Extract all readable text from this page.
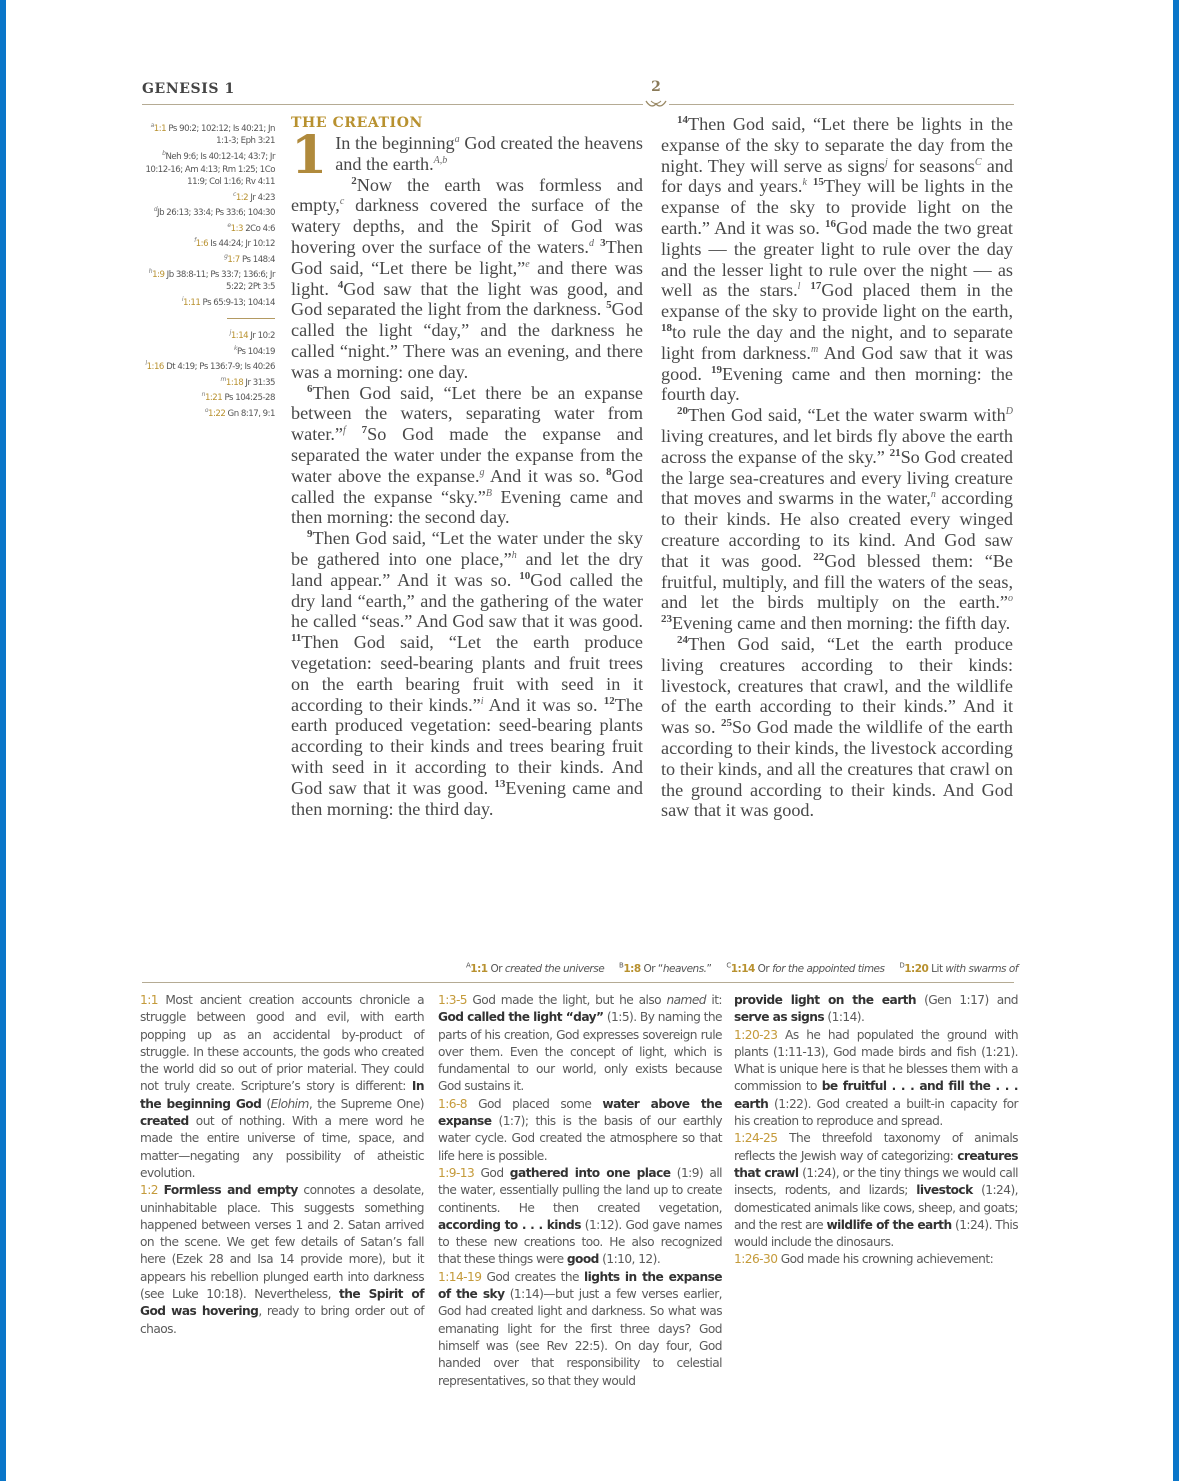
GENESIS 1	2
$^a$1:1 Ps 90:2; 102:12; Is 40:21; Jn 1:1-3; Eph 3:21
$^b$Neh 9:6; Is 40:12-14; 43:7; Jr 10:12-16; Am 4:13; Rm 1:25; 1Co 11:9; Col 1:16; Rv 4:11
$^c$1:2 Jr 4:23
$^d$Jb 26:13; 33:4; Ps 33:6; 104:30
$^e$1:3 2Co 4:6
$^f$1:6 Is 44:24; Jr 10:12
$^g$1:7 Ps 148:4
$^h$1:9 Jb 38:8-11; Ps 33:7; 136:6; Jr 5:22; 2Pt 3:5
$^i$1:11 Ps 65:9-13; 104:14
$^j$1:14 Jr 10:2
$^k$Ps 104:19
$^l$1:16 Dt 4:19; Ps 136:7-9; Is 40:26
$^m$1:18 Jr 31:35
$^n$1:21 Ps 104:25-28
$^o$1:22 Gn 8:17, 9:1
THE CREATION

1 In the beginning$^a$ God created the heavens and the earth.$^{A,b}$

$^2$Now the earth was formless and empty,$^c$ darkness covered the surface of the watery depths, and the Spirit of God was hovering over the surface of the waters.$^d$ $^3$Then God said, “Let there be light,”$^e$ and there was light. $^4$God saw that the light was good, and God separated the light from the darkness. $^5$God called the light “day,” and the darkness he called “night.” There was an evening, and there was a morning: one day.

$^6$Then God said, “Let there be an expanse between the waters, separating water from water.”$^f$ $^7$So God made the expanse and separated the water under the expanse from the water above the expanse.$^g$ And it was so. $^8$God called the expanse “sky.”$^B$ Evening came and then morning: the second day.

$^9$Then God said, “Let the water under the sky be gathered into one place,”$^h$ and let the dry land appear.” And it was so. $^{10}$God called the dry land “earth,” and the gathering of the water he called “seas.” And God saw that it was good. $^{11}$Then God said, “Let the earth produce vegetation: seed-bearing plants and fruit trees on the earth bearing fruit with seed in it according to their kinds.”$^i$ And it was so. $^{12}$The earth produced vegetation: seed-bearing plants according to their kinds and trees bearing fruit with seed in it according to their kinds. And God saw that it was good. $^{13}$Evening came and then morning: the third day.

$^{14}$Then God said, “Let there be lights in the expanse of the sky to separate the day from the night. They will serve as signs$^j$ for seasons$^C$ and for days and years.$^k$ $^{15}$They will be lights in the expanse of the sky to provide light on the earth.” And it was so. $^{16}$God made the two great lights — the greater light to rule over the day and the lesser light to rule over the night — as well as the stars.$^l$ $^{17}$God placed them in the expanse of the sky to provide light on the earth, $^{18}$to rule the day and the night, and to separate light from darkness.$^m$ And God saw that it was good. $^{19}$Evening came and then morning: the fourth day.

$^{20}$Then God said, “Let the water swarm with$^D$ living creatures, and let birds fly above the earth across the expanse of the sky.” $^{21}$So God created the large sea-creatures and every living creature that moves and swarms in the water,$^n$ according to their kinds. He also created every winged creature according to its kind. And God saw that it was good. $^{22}$God blessed them: “Be fruitful, multiply, and fill the waters of the seas, and let the birds multiply on the earth.”$^o$ $^{23}$Evening came and then morning: the fifth day.

$^{24}$Then God said, “Let the earth produce living creatures according to their kinds: livestock, creatures that crawl, and the wildlife of the earth according to their kinds.” And it was so. $^{25}$So God made the wildlife of the earth according to their kinds, the livestock according to their kinds, and all the creatures that crawl on the ground according to their kinds. And God saw that it was good.

$^A$1:1 Or created the universe $^B$1:8 Or “heavens.” $^C$1:14 Or for the appointed times $^D$1:20 Lit with swarms of

1:1 Most ancient creation accounts chronicle a struggle between good and evil, with earth popping up as an accidental by-product of struggle. In these accounts, the gods who created the world did so out of prior material. They could not truly create. Scripture’s story is different: In the beginning God (Elohim, the Supreme One) created out of nothing. With a mere word he made the entire universe of time, space, and matter—negating any possibility of atheistic evolution.

1:2 Formless and empty connotes a desolate, uninhabitable place. This suggests something happened between verses 1 and 2. Satan arrived on the scene. We get few details of Satan’s fall here (Ezek 28 and Isa 14 provide more), but it appears his rebellion plunged earth into darkness (see Luke 10:18). Nevertheless, the Spirit of God was hovering, ready to bring order out of chaos.

1:3-5 God made the light, but he also named it: God called the light “day” (1:5). By naming the parts of his creation, God expresses sovereign rule over them. Even the concept of light, which is fundamental to our world, only exists because God sustains it.

1:6-8 God placed some water above the expanse (1:7); this is the basis of our earthly water cycle. God created the atmosphere so that life here is possible.

1:9-13 God gathered into one place (1:9) all the water, essentially pulling the land up to create continents. He then created vegetation, according to . . . kinds (1:12). God gave names to these new creations too. He also recognized that these things were good (1:10, 12).

1:14-19 God creates the lights in the expanse of the sky (1:14)—but just a few verses earlier, God had created light and darkness. So what was emanating light for the first three days? God himself was (see Rev 22:5). On day four, God handed over that responsibility to celestial representatives, so that they would

provide light on the earth (Gen 1:17) and serve as signs (1:14).

1:20-23 As he had populated the ground with plants (1:11-13), God made birds and fish (1:21). What is unique here is that he blesses them with a commission to be fruitful . . . and fill the . . . earth (1:22). God created a built-in capacity for his creation to reproduce and spread.

1:24-25 The threefold taxonomy of animals reflects the Jewish way of categorizing: creatures that crawl (1:24), or the tiny things we would call insects, rodents, and lizards; livestock (1:24), domesticated animals like cows, sheep, and goats; and the rest are wildlife of the earth (1:24). This would include the dinosaurs.

1:26-30 God made his crowning achievement:
